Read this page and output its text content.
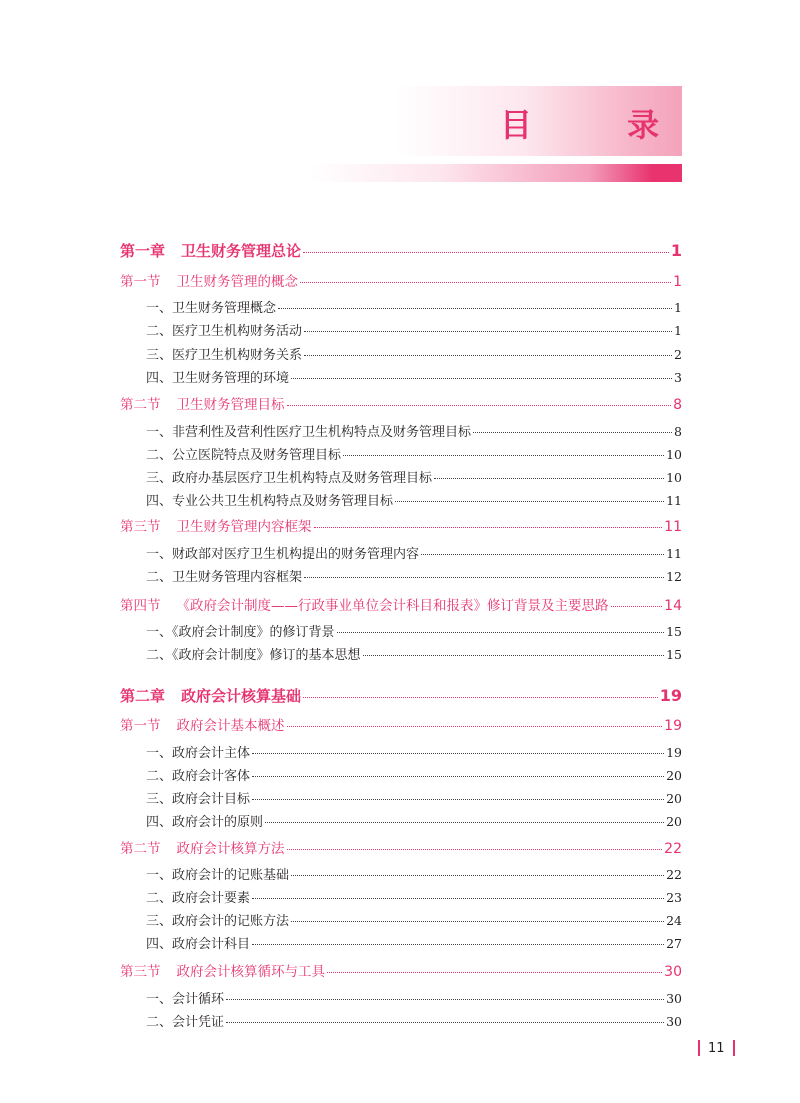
目 录
第一章 卫生财务管理总论	1
第一节 卫生财务管理的概念	1
一、卫生财务管理概念	1
二、医疗卫生机构财务活动	1
三、医疗卫生机构财务关系	2
四、卫生财务管理的环境	3
第二节 卫生财务管理目标	8
一、非营利性及营利性医疗卫生机构特点及财务管理目标	8
二、公立医院特点及财务管理目标	10
三、政府办基层医疗卫生机构特点及财务管理目标	10
四、专业公共卫生机构特点及财务管理目标	11
第三节 卫生财务管理内容框架	11
一、财政部对医疗卫生机构提出的财务管理内容	11
二、卫生财务管理内容框架	12
第四节 《政府会计制度——行政事业单位会计科目和报表》修订背景及主要思路	14
一、《政府会计制度》的修订背景	15
二、《政府会计制度》修订的基本思想	15
第二章 政府会计核算基础	19
第一节 政府会计基本概述	19
一、政府会计主体	19
二、政府会计客体	20
三、政府会计目标	20
四、政府会计的原则	20
第二节 政府会计核算方法	22
一、政府会计的记账基础	22
二、政府会计要素	23
三、政府会计的记账方法	24
四、政府会计科目	27
第三节 政府会计核算循环与工具	30
一、会计循环	30
二、会计凭证	30
11
